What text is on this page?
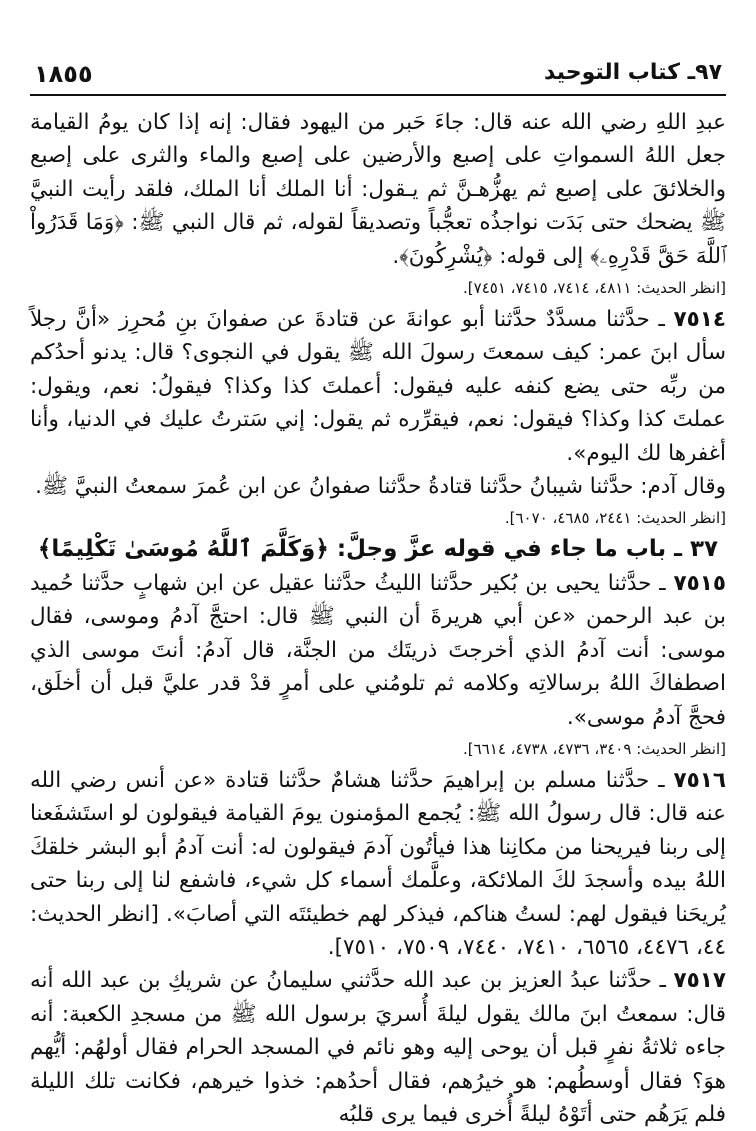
١٨٥٥	٩٧ـ كتاب التوحيد

عبدِ اللهِ رضي الله عنه قال: جاءَ حَبر من اليهود فقال: إنه إذا كان يومُ القيامة جعل اللهُ السمواتِ على إصبع والأرضين على إصبع والماء والثرى على إصبع والخلائقَ على إصبع ثم يهزُّهـنَّ ثم يـقول: أنا الملك أنا الملك، فلقد رأيت النبيَّ ﷺ يضحك حتى بَدَت نواجذُه تعجُّباً وتصديقاً لقوله، ثم قال النبي ﷺ: ﴿وَمَا قَدَرُواْ ٱللَّهَ حَقَّ قَدْرِهِۦ﴾ إلى قوله: ﴿يُشْرِكُونَ﴾.

[انظر الحديث: ٤٨١١، ٧٤١٤، ٧٤١٥، ٧٤٥١].

٧٥١٤ ـ حدَّثنا مسدَّدٌ حدَّثنا أبو عوانةَ عن قتادةَ عن صفوانَ بنِ مُحرِز «أنَّ رجلاً سأل ابنَ عمر: كيف سمعتَ رسولَ الله ﷺ يقول في النجوى؟ قال: يدنو أحدُكم من ربِّه حتى يضع كنفه عليه فيقول: أعملتَ كذا وكذا؟ فيقولُ: نعم، ويقول: عملتَ كذا وكذا؟ فيقول: نعم، فيقرِّره ثم يقول: إني سَترتُ عليك في الدنيا، وأنا أغفرها لك اليوم».

وقال آدم: حدَّثنا شيبانُ حدَّثنا قتادةُ حدَّثنا صفوانُ عن ابن عُمرَ سمعتُ النبيَّ ﷺ.

[انظر الحديث: ٢٤٤١، ٤٦٨٥، ٦٠٧٠].

٣٧ ـ باب ما جاء في قوله عزَّ وجلَّ: ﴿وَكَلَّمَ ٱللَّهُ مُوسَىٰ تَكْلِيمًا﴾

٧٥١٥ ـ حدَّثنا يحيى بن بُكير حدَّثنا الليثُ حدَّثنا عقيل عن ابن شهابٍ حدَّثنا حُميد بن عبد الرحمن «عن أبي هريرةَ أن النبي ﷺ قال: احتجَّ آدمُ وموسى، فقال موسى: أنت آدمُ الذي أخرجتَ ذريتَك من الجنَّة، قال آدمُ: أنتَ موسى الذي اصطفاكَ اللهُ برسالاتِه وكلامه ثم تلومُني على أمرٍ قدْ قدر عليَّ قبل أن أخلَق، فحجَّ آدمُ موسى».

[انظر الحديث: ٣٤٠٩، ٤٧٣٦، ٤٧٣٨، ٦٦١٤].

٧٥١٦ ـ حدَّثنا مسلم بن إبراهيمَ حدَّثنا هشامٌ حدَّثنا قتادة «عن أنس رضي الله عنه قال: قال رسولُ الله ﷺ: يُجمع المؤمنون يومَ القيامة فيقولون لو استَشفَعنا إلى ربنا فيريحنا من مكانِنا هذا فيأتُون آدمَ فيقولون له: أنت آدمُ أبو البشر خلقكَ اللهُ بيده وأسجدَ لكَ الملائكة، وعلَّمك أسماء كل شيء، فاشفع لنا إلى ربنا حتى يُريحَنا فيقول لهم: لستُ هناكم، فيذكر لهم خطيئتَه التي أصابَ». [انظر الحديث: ٤٤، ٤٤٧٦، ٦٥٦٥، ٧٤١٠، ٧٤٤٠، ٧٥٠٩، ٧٥١٠].

٧٥١٧ ـ حدَّثنا عبدُ العزيز بن عبد الله حدَّثني سليمانُ عن شريكِ بن عبد الله أنه قال: سمعتُ ابنَ مالك يقول ليلةَ أُسريَ برسول الله ﷺ من مسجدِ الكعبة: أنه جاءه ثلاثةُ نفرٍ قبل أن يوحى إليه وهو نائم في المسجد الحرام فقال أولهُم: أيُّهم هوَ؟ فقال أوسطُهم: هو خيرُهم، فقال أحدُهم: خذوا خيرهم، فكانت تلك الليلة فلم يَرَهُم حتى أتَوْهُ ليلةً أُخرى فيما يرى قلبُه
